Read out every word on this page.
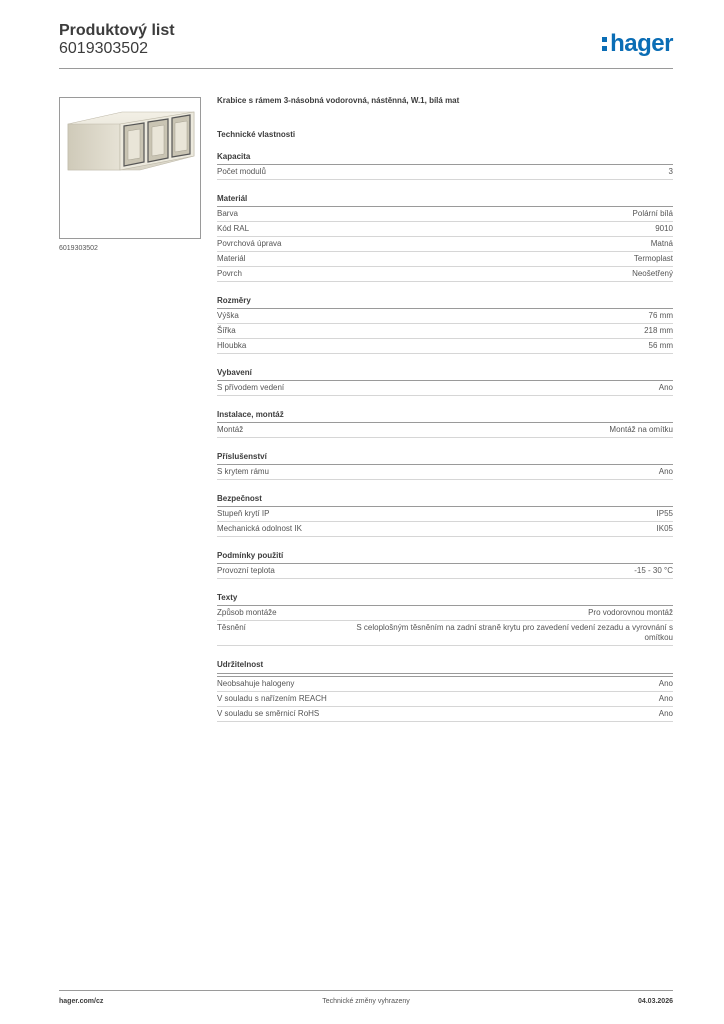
Produktový list
6019303502	hager
6019303502
Krabice s rámem 3-násobná vodorovná, nástěnná, W.1, bílá mat
Technické vlastnosti
Kapacita
Počet modulů	3
Materiál
Barva	Polární bílá
Kód RAL	9010
Povrchová úprava	Matná
Materiál	Termoplast
Povrch	Neošetřený
Rozměry
Výška	76 mm
Šířka	218 mm
Hloubka	56 mm
Vybavení
S přívodem vedení	Ano
Instalace, montáž
Montáž	Montáž na omítku
Příslušenství
S krytem rámu	Ano
Bezpečnost
Stupeň krytí IP	IP55
Mechanická odolnost IK	IK05
Podmínky použití
Provozní teplota	-15 - 30 °C
Texty
Způsob montáže	Pro vodorovnou montáž
Těsnění	S celoplošným těsněním na zadní straně krytu pro zavedení vedení zezadu a vyrovnání s omítkou
Udržitelnost
Neobsahuje halogeny	Ano
V souladu s nařízením REACH	Ano
V souladu se směrnicí RoHS	Ano
hager.com/cz	Technické změny vyhrazeny	04.03.2026
